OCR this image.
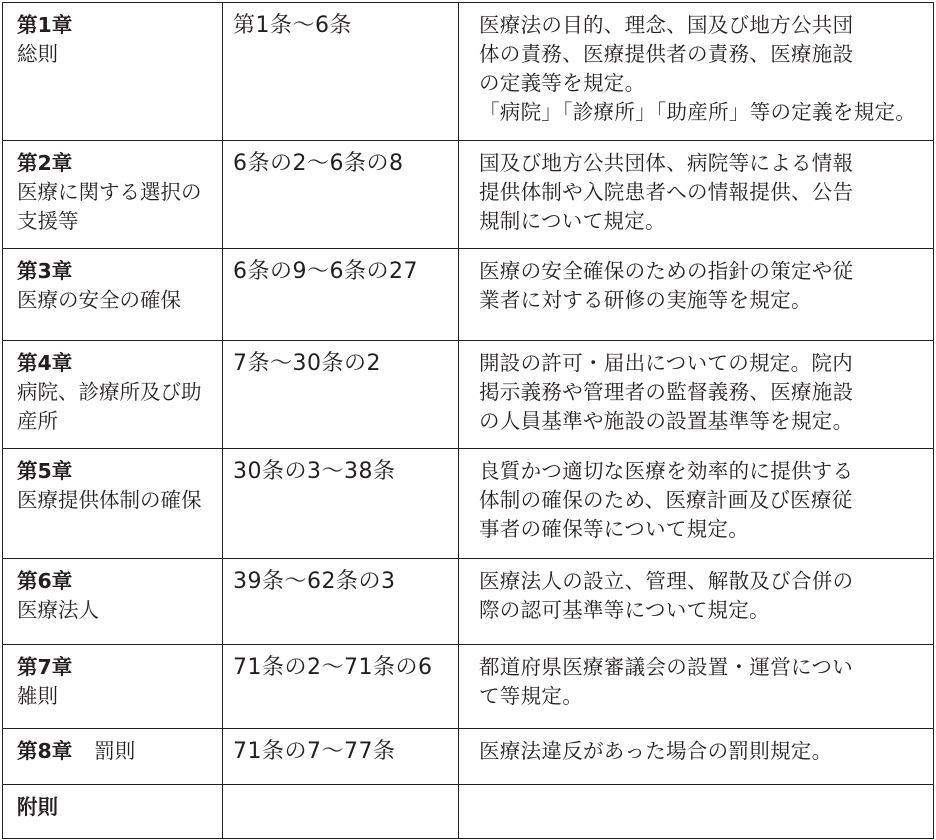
第1章
総則	第1条〜6条	医療法の目的、理念、国及び地方公共団
体の責務、医療提供者の責務、医療施設
の定義等を規定。
「病院」「診療所」「助産所」等の定義を規定。

第2章
医療に関する選択の支援等	6条の2〜6条の8	国及び地方公共団体、病院等による情報
提供体制や入院患者への情報提供、公告
規制について規定。

第3章
医療の安全の確保	6条の9〜6条の27	医療の安全確保のための指針の策定や従
業者に対する研修の実施等を規定。

第4章
病院、診療所及び助産所	7条〜30条の2	開設の許可・届出についての規定。院内
掲示義務や管理者の監督義務、医療施設
の人員基準や施設の設置基準等を規定。

第5章
医療提供体制の確保	30条の3〜38条	良質かつ適切な医療を効率的に提供する
体制の確保のため、医療計画及び医療従
事者の確保等について規定。

第6章
医療法人	39条〜62条の3	医療法人の設立、管理、解散及び合併の
際の認可基準等について規定。

第7章
雑則	71条の2〜71条の6	都道府県医療審議会の設置・運営につい
て等規定。

第8章 罰則	71条の7〜77条	医療法違反があった場合の罰則規定。

附則		
